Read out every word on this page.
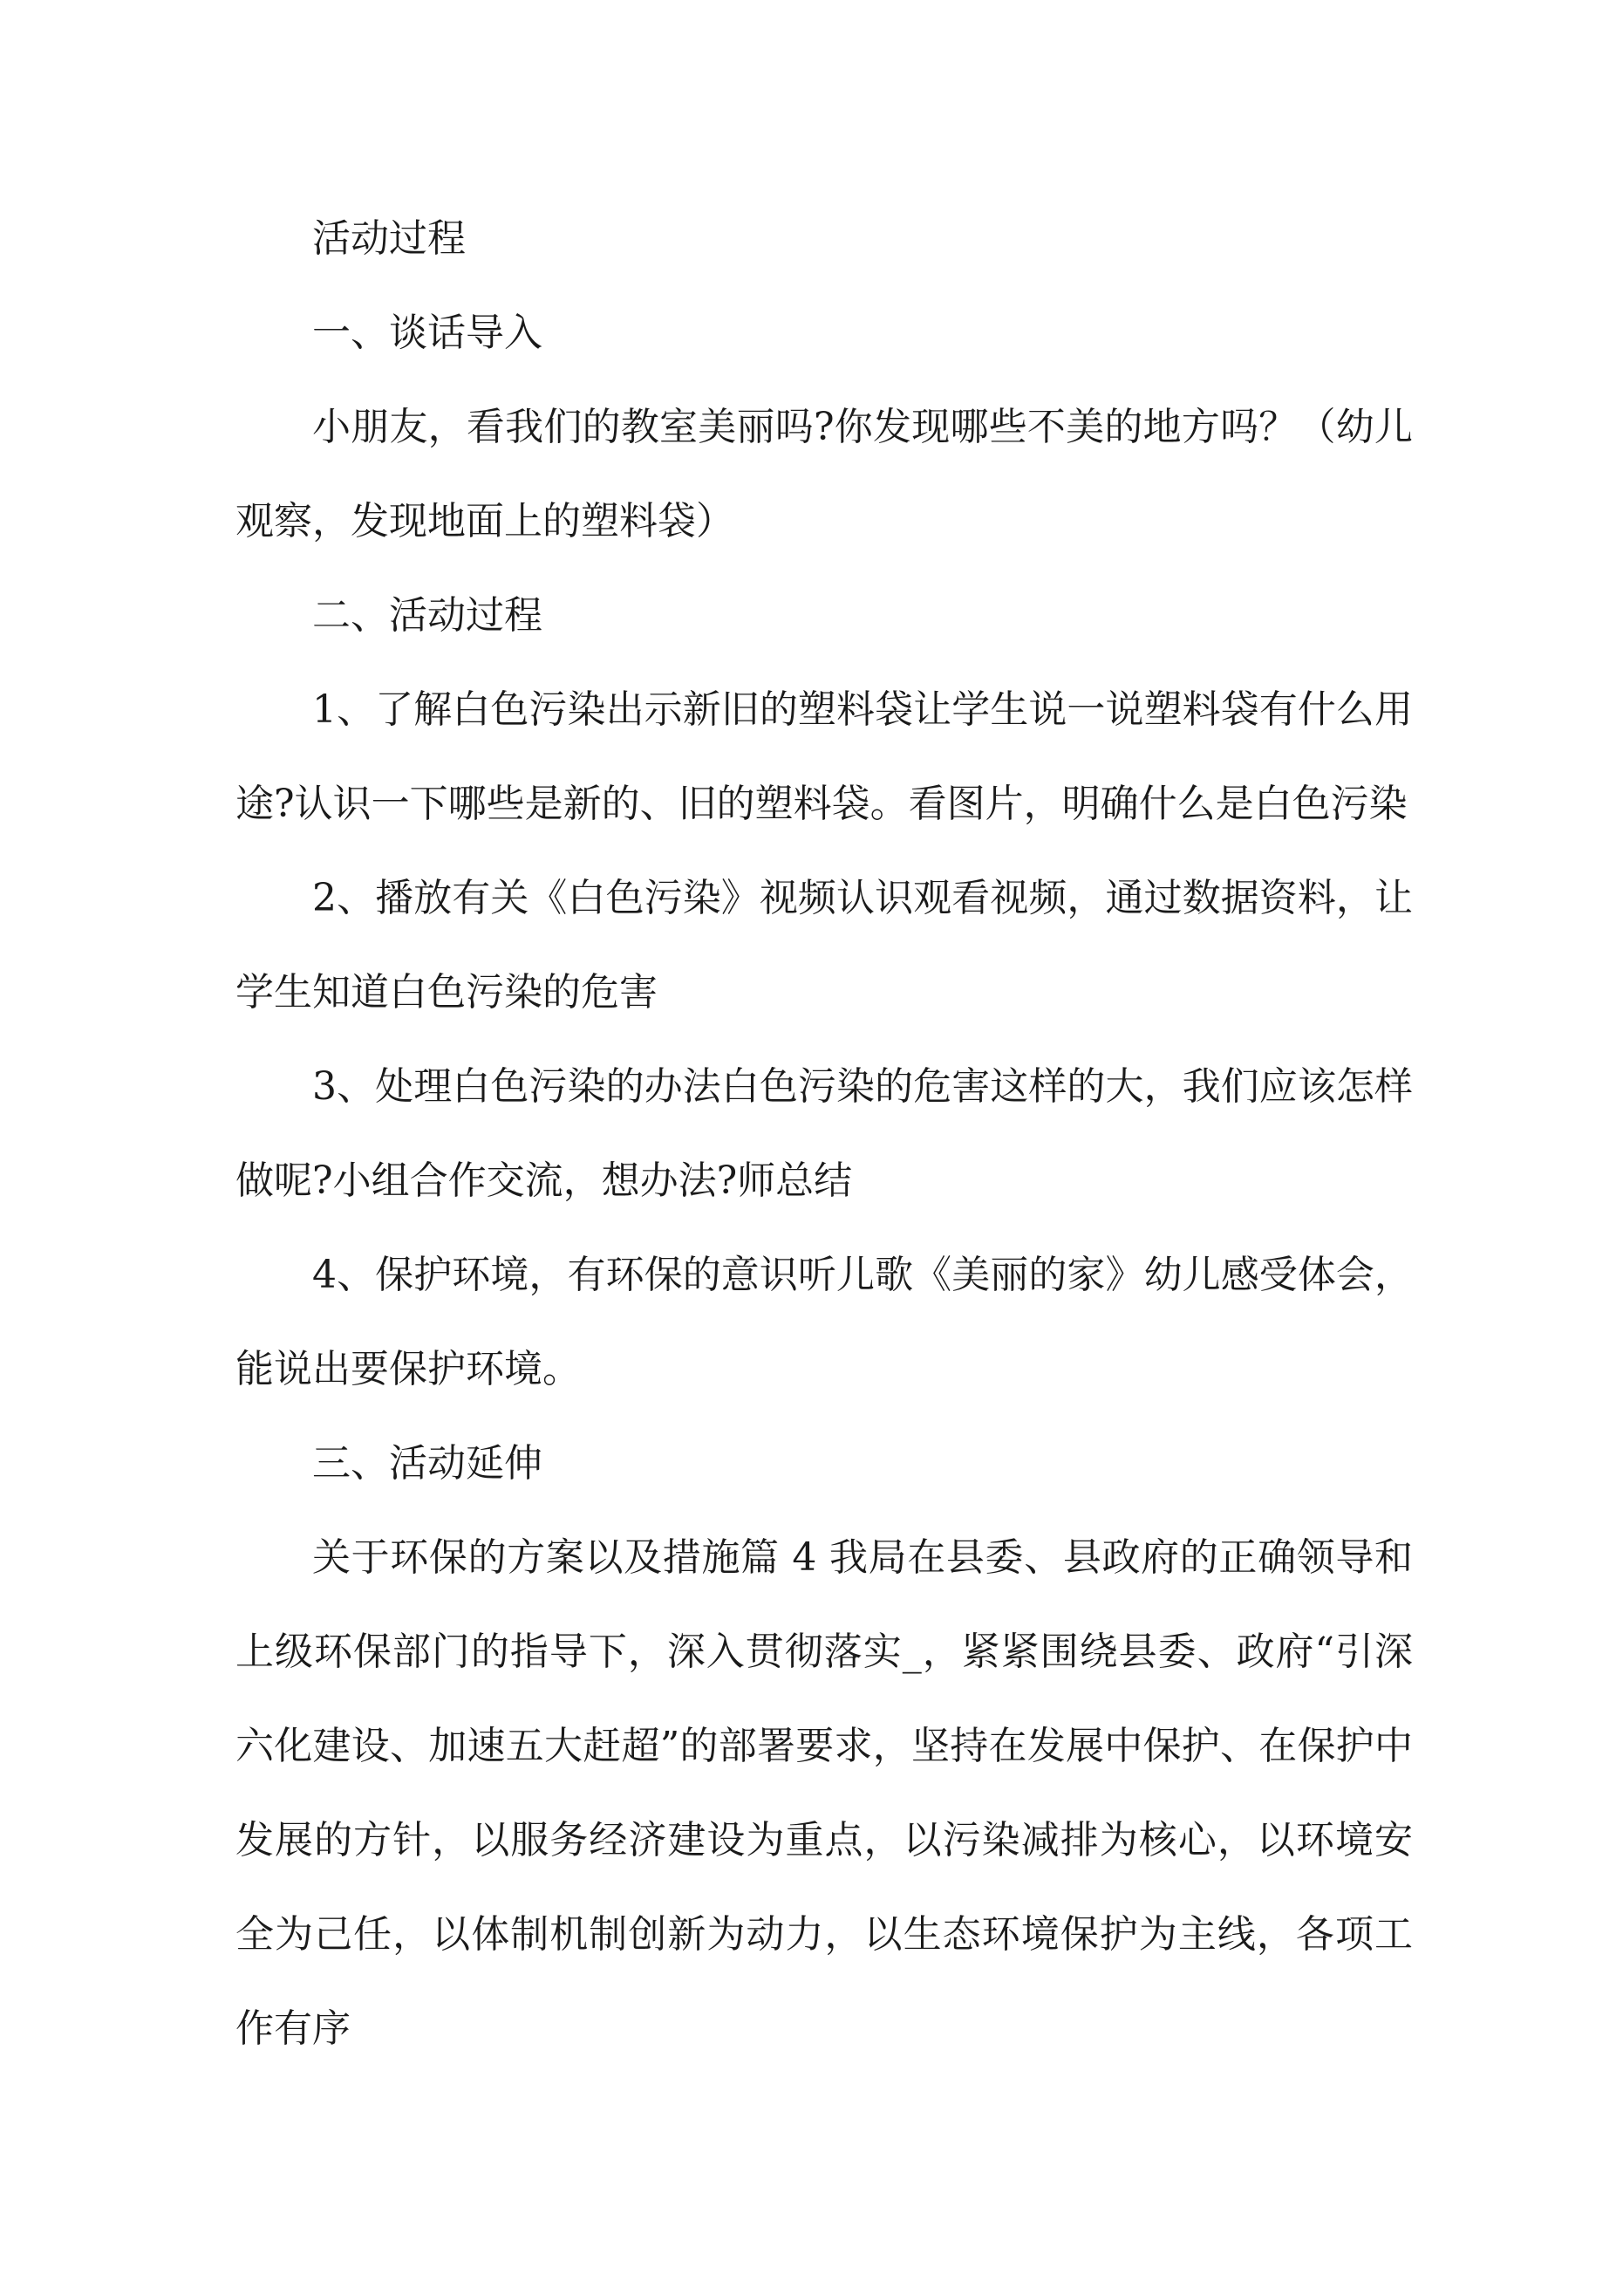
活动过程

一、谈话导入

小朋友，看我们的教室美丽吗?你发现哪些不美的地方吗？（幼儿观察，发现地面上的塑料袋）

二、活动过程

1、了解白色污染出示新旧的塑料袋让学生说一说塑料袋有什么用途?认识一下哪些是新的、旧的塑料袋。看图片，明确什么是白色污染

2、播放有关《白色污染》视频认识观看视频，通过数据资料，让学生知道白色污染的危害

3、处理白色污染的办法白色污染的危害这样的大，我们应该怎样做呢?小组合作交流，想办法?师总结

4、保护环境，有环保的意识听儿歌《美丽的家》幼儿感受体会，能说出要保护环境。

三、活动延伸

关于环保的方案以及措施篇 4 我局在县委、县政府的正确领导和上级环保部门的指导下，深入贯彻落实_，紧紧围绕县委、政府“引深六化建设、加速五大赶超”的部署要求，坚持在发展中保护、在保护中发展的方针，以服务经济建设为重点，以污染减排为核心，以环境安全为己任，以体制机制创新为动力，以生态环境保护为主线，各项工作有序
